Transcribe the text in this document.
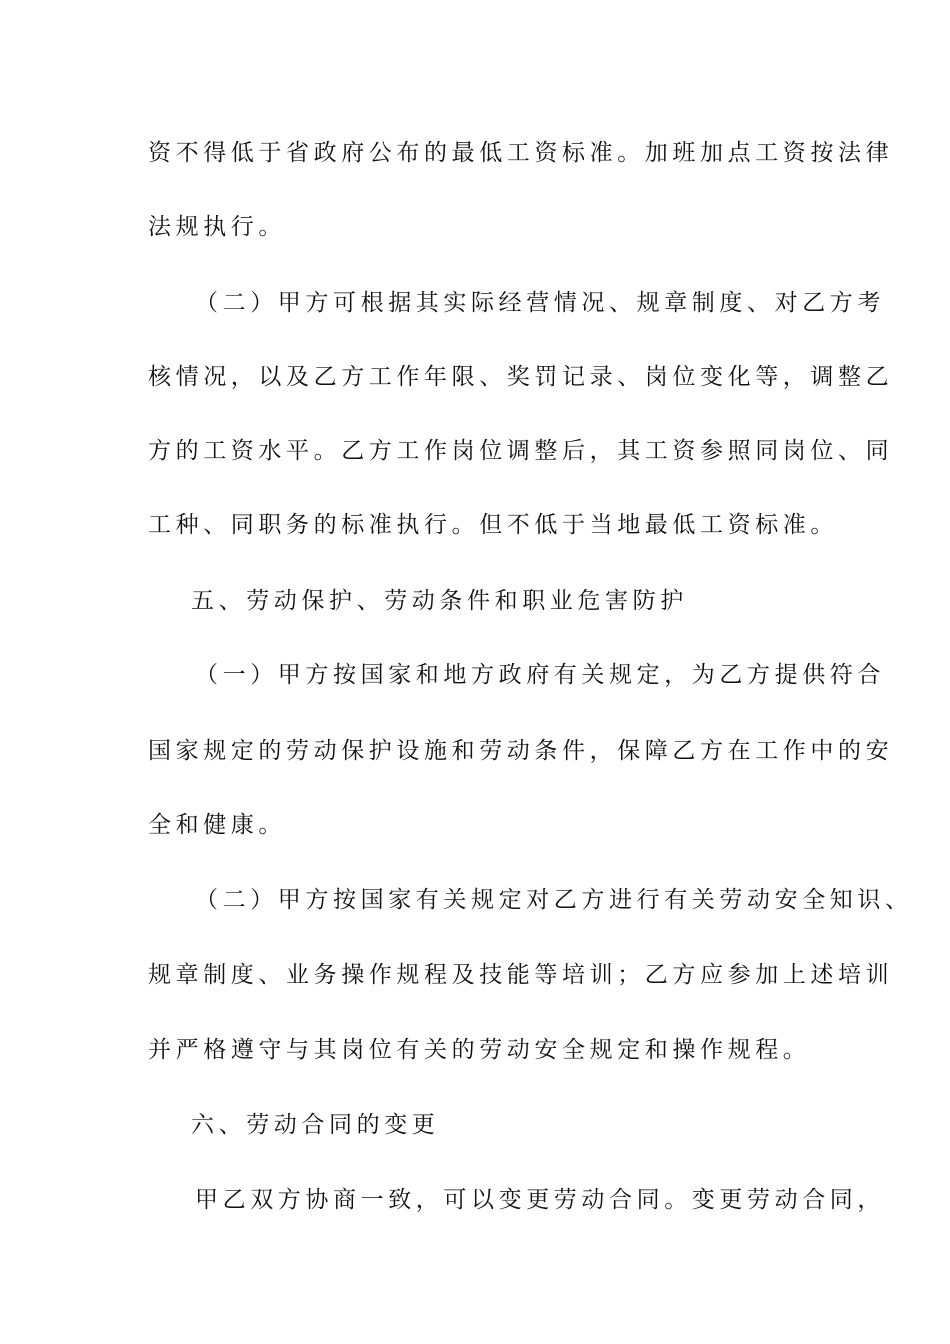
资不得低于省政府公布的最低工资标准。加班加点工资按法律
法规执行。
（二）甲方可根据其实际经营情况、规章制度、对乙方考
核情况，以及乙方工作年限、奖罚记录、岗位变化等，调整乙
方的工资水平。乙方工作岗位调整后，其工资参照同岗位、同
工种、同职务的标准执行。但不低于当地最低工资标准。
五、劳动保护、劳动条件和职业危害防护
（一）甲方按国家和地方政府有关规定，为乙方提供符合
国家规定的劳动保护设施和劳动条件，保障乙方在工作中的安
全和健康。
（二）甲方按国家有关规定对乙方进行有关劳动安全知识、
规章制度、业务操作规程及技能等培训；乙方应参加上述培训
并严格遵守与其岗位有关的劳动安全规定和操作规程。
六、劳动合同的变更
甲乙双方协商一致，可以变更劳动合同。变更劳动合同，
